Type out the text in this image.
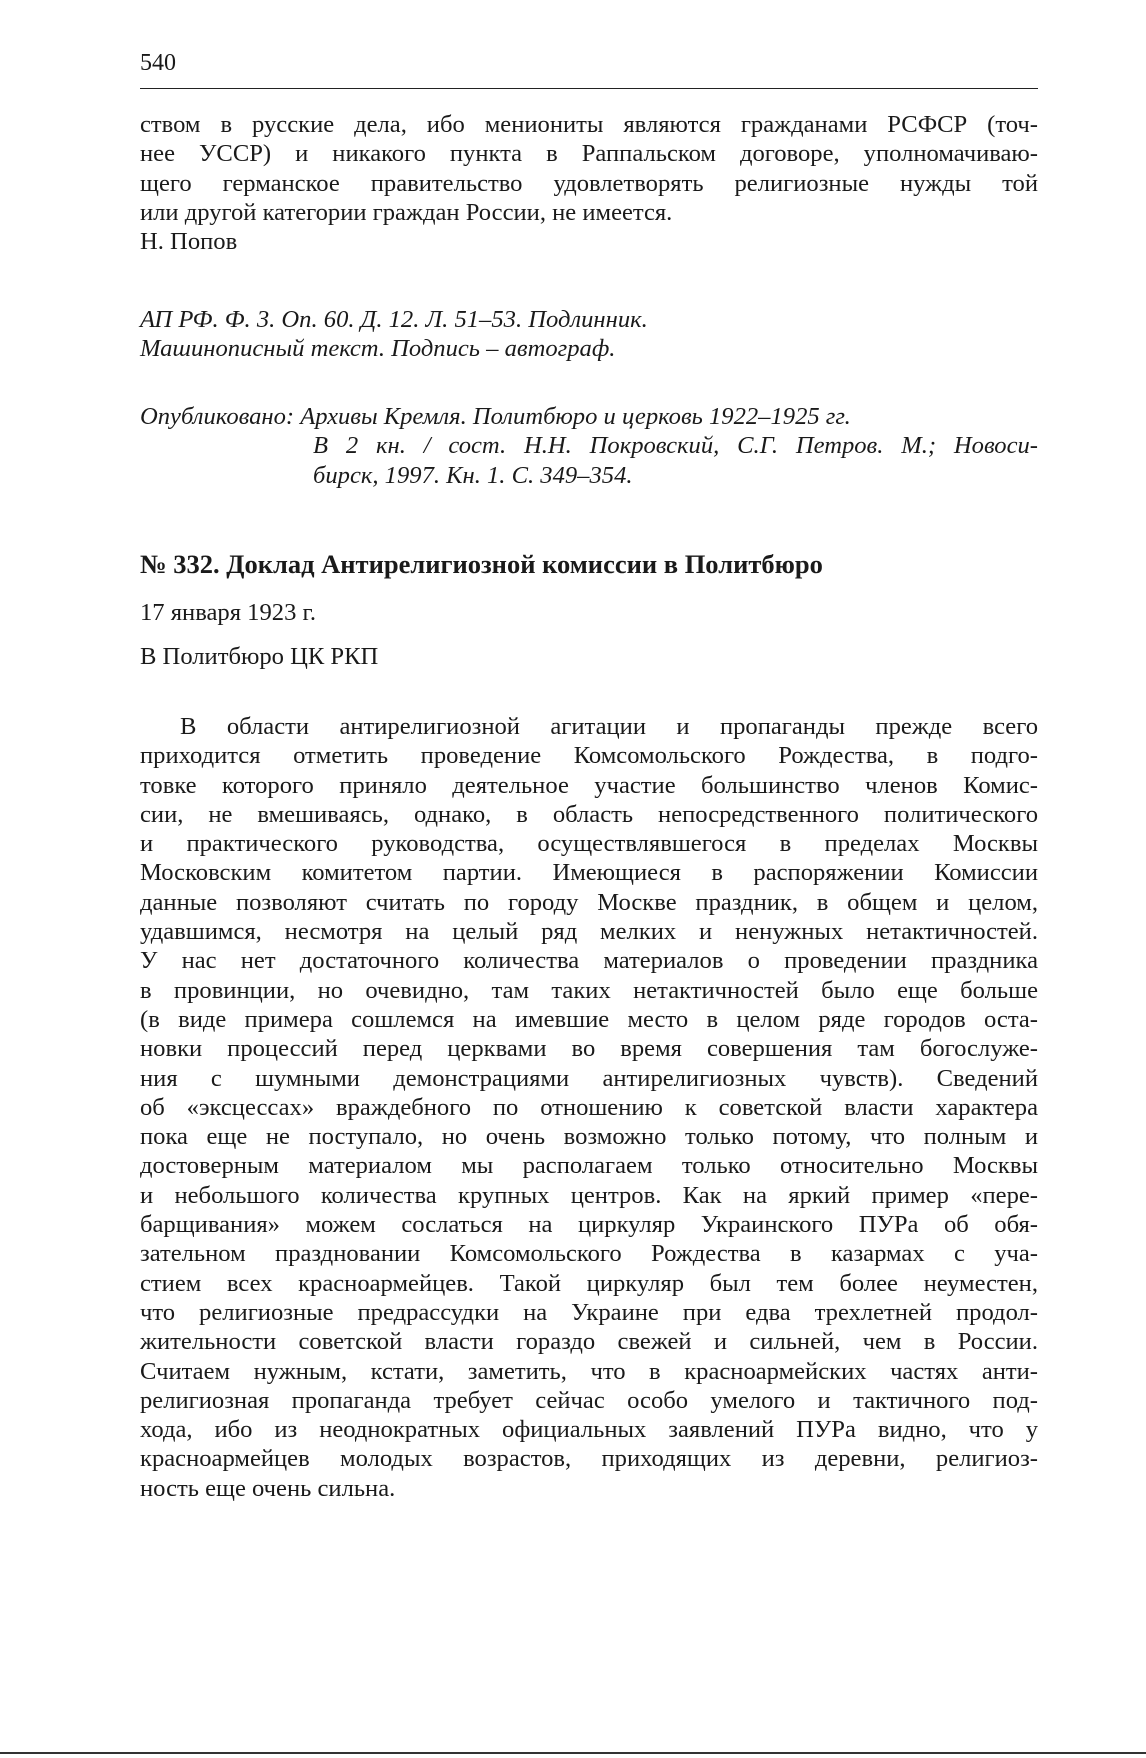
540
ством в русские дела, ибо мениониты являются гражданами РСФСР (точ-
нее УССР) и никакого пункта в Раппальском договоре, уполномачиваю-
щего германское правительство удовлетворять религиозные нужды той
или другой категории граждан России, не имеется.
Н. Попов
АП РФ. Ф. 3. Оп. 60. Д. 12. Л. 51–53. Подлинник.
Машинописный текст. Подпись – автограф.
Опубликовано: Архивы Кремля. Политбюро и церковь 1922–1925 гг.
В 2 кн. / сост. Н.Н. Покровский, С.Г. Петров. М.; Новоси-
бирск, 1997. Кн. 1. С. 349–354.
№ 332. Доклад Антирелигиозной комиссии в Политбюро
17 января 1923 г.
В Политбюро ЦК РКП
В области антирелигиозной агитации и пропаганды прежде всего
приходится отметить проведение Комсомольского Рождества, в подго-
товке которого приняло деятельное участие большинство членов Комис-
сии, не вмешиваясь, однако, в область непосредственного политического
и практического руководства, осуществлявшегося в пределах Москвы
Московским комитетом партии. Имеющиеся в распоряжении Комиссии
данные позволяют считать по городу Москве праздник, в общем и целом,
удавшимся, несмотря на целый ряд мелких и ненужных нетактичностей.
У нас нет достаточного количества материалов о проведении праздника
в провинции, но очевидно, там таких нетактичностей было еще больше
(в виде примера сошлемся на имевшие место в целом ряде городов оста-
новки процессий перед церквами во время совершения там богослуже-
ния с шумными демонстрациями антирелигиозных чувств). Сведений
об «эксцессах» враждебного по отношению к советской власти характера
пока еще не поступало, но очень возможно только потому, что полным и
достоверным материалом мы располагаем только относительно Москвы
и небольшого количества крупных центров. Как на яркий пример «пере-
барщивания» можем сослаться на циркуляр Украинского ПУРа об обя-
зательном праздновании Комсомольского Рождества в казармах с уча-
стием всех красноармейцев. Такой циркуляр был тем более неуместен,
что религиозные предрассудки на Украине при едва трехлетней продол-
жительности советской власти гораздо свежей и сильней, чем в России.
Считаем нужным, кстати, заметить, что в красноармейских частях анти-
религиозная пропаганда требует сейчас особо умелого и тактичного под-
хода, ибо из неоднократных официальных заявлений ПУРа видно, что у
красноармейцев молодых возрастов, приходящих из деревни, религиоз-
ность еще очень сильна.
